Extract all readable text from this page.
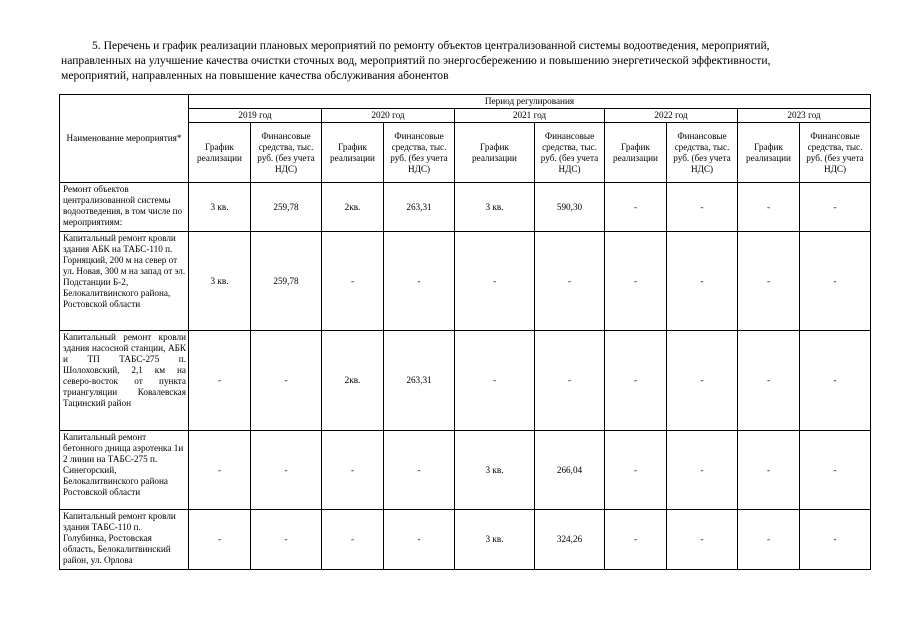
5. Перечень и график реализации плановых мероприятий по ремонту объектов централизованной системы водоотведения, мероприятий,
направленных на улучшение качества очистки сточных вод, мероприятий по энергосбережению и повышению энергетической эффективности,
мероприятий, направленных на повышение качества обслуживания абонентов
Наименование мероприятия*	Период регулирования									
	2019 год		2020 год		2021 год		2022 год		2023 год	
	График реализации	Финансовые средства, тыс. руб. (без учета НДС)	График реализации	Финансовые средства, тыс. руб. (без учета НДС)	График реализации	Финансовые средства, тыс. руб. (без учета НДС)	График реализации	Финансовые средства, тыс. руб. (без учета НДС)	График реализации	Финансовые средства, тыс. руб. (без учета НДС)
Ремонт объектов централизованной системы водоотведения, в том числе по мероприятиям:	3 кв.	259,78	2кв.	263,31	3 кв.	590,30	-	-	-	-
Капитальный ремонт кровли здания АБК на ТАБС-110 п. Горняцкий, 200 м на север от ул. Новая, 300 м на запад от эл. Подстанции Б-2, Белокалитвинского района, Ростовской области	3 кв.	259,78	-	-	-	-	-	-	-	-
Капитальный ремонт кровли здания насосной станции, АБК и ТП ТАБС-275 п. Шолоховский, 2,1 км на северо-восток от пункта триангуляции Ковалевская Тацинский район	-	-	2кв.	263,31	-	-	-	-	-	-
Капитальный ремонт бетонного днища аэротенка 1и 2 линии на ТАБС-275 п. Синегорский, Белокалитвинского района Ростовской области	-	-	-	-	3 кв.	266,04	-	-	-	-
Капитальный ремонт кровли здания ТАБС-110 п. Голубинка, Ростовская область, Белокалитвинский район, ул. Орлова	-	-	-	-	3 кв.	324,26	-	-	-	-
